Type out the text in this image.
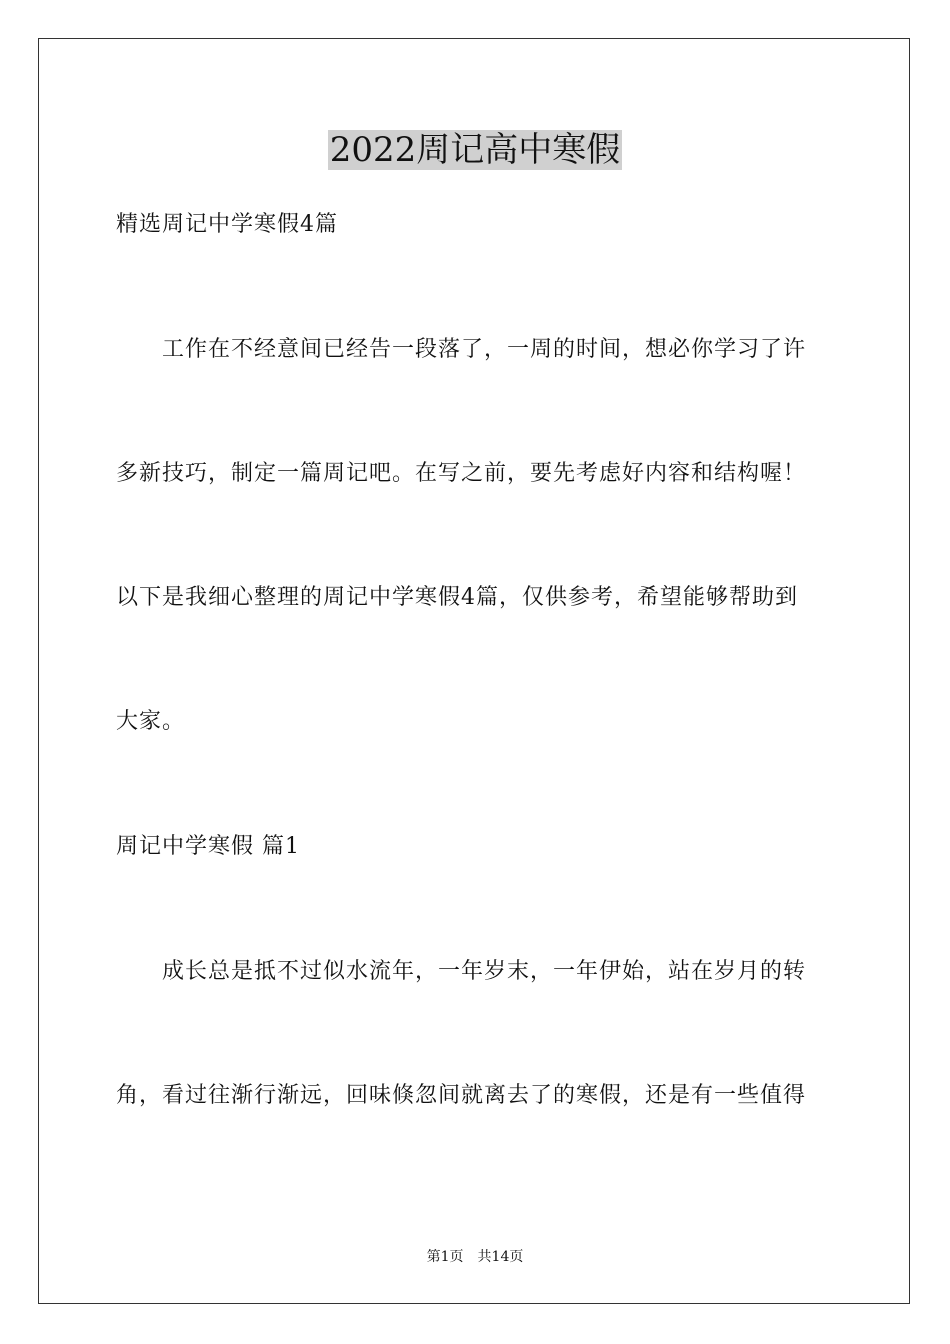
2022周记高中寒假
精选周记中学寒假4篇
　　工作在不经意间已经告一段落了，一周的时间，想必你学习了许
多新技巧，制定一篇周记吧。在写之前，要先考虑好内容和结构喔！
以下是我细心整理的周记中学寒假4篇，仅供参考，希望能够帮助到
大家。
周记中学寒假 篇1
　　成长总是抵不过似水流年，一年岁末，一年伊始，站在岁月的转
角，看过往渐行渐远，回味倏忽间就离去了的寒假，还是有一些值得
第1页　共14页
